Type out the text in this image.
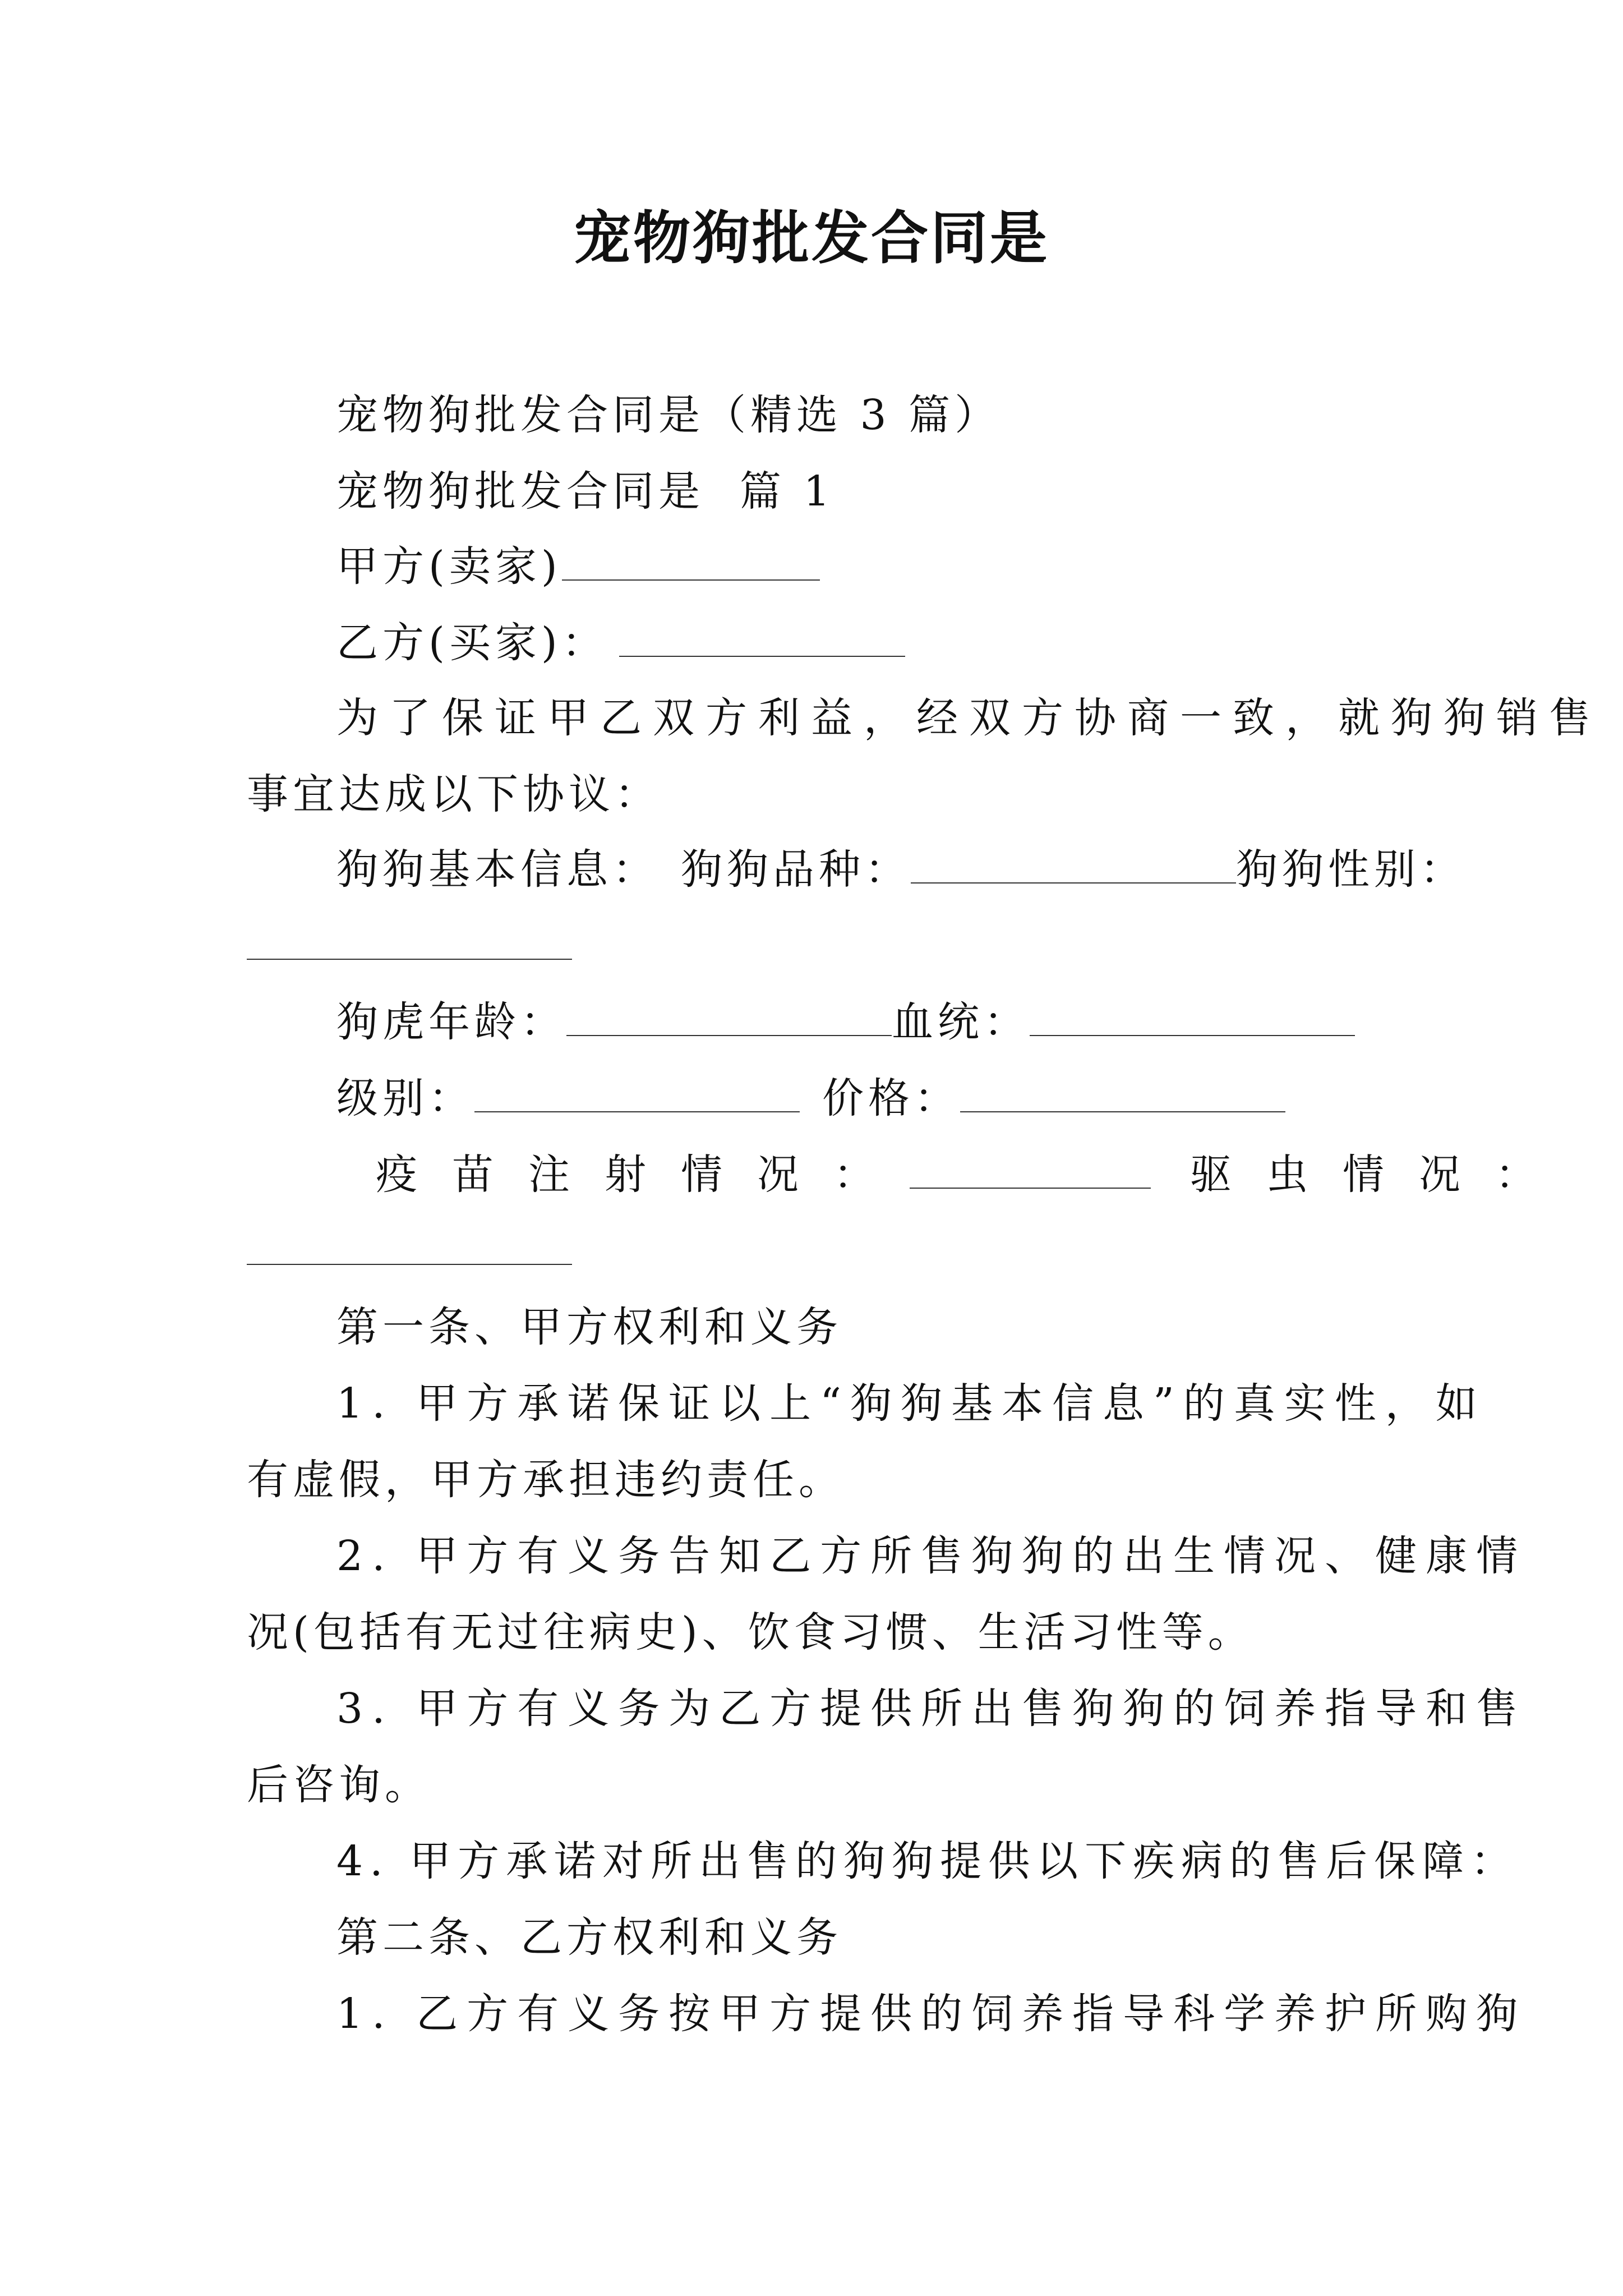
宠物狗批发合同是
宠物狗批发合同是（精选 3 篇）
宠物狗批发合同是  篇 1
甲方(卖家)
乙方(买家)：
为了保证甲乙双方利益，经双方协商一致，就狗狗销售
事宜达成以下协议：
狗狗基本信息： 狗狗品种：	狗狗性别：
狗虎年龄：	血统：
级别：	价格：
疫苗注射情况：	驱虫情况：
第一条、甲方权利和义务
1. 甲方承诺保证以上“狗狗基本信息”的真实性，如
有虚假，甲方承担违约责任。
2. 甲方有义务告知乙方所售狗狗的出生情况、健康情
况(包括有无过往病史)、饮食习惯、生活习性等。
3. 甲方有义务为乙方提供所出售狗狗的饲养指导和售
后咨询。
4. 甲方承诺对所出售的狗狗提供以下疾病的售后保障：
第二条、乙方权利和义务
1. 乙方有义务按甲方提供的饲养指导科学养护所购狗
